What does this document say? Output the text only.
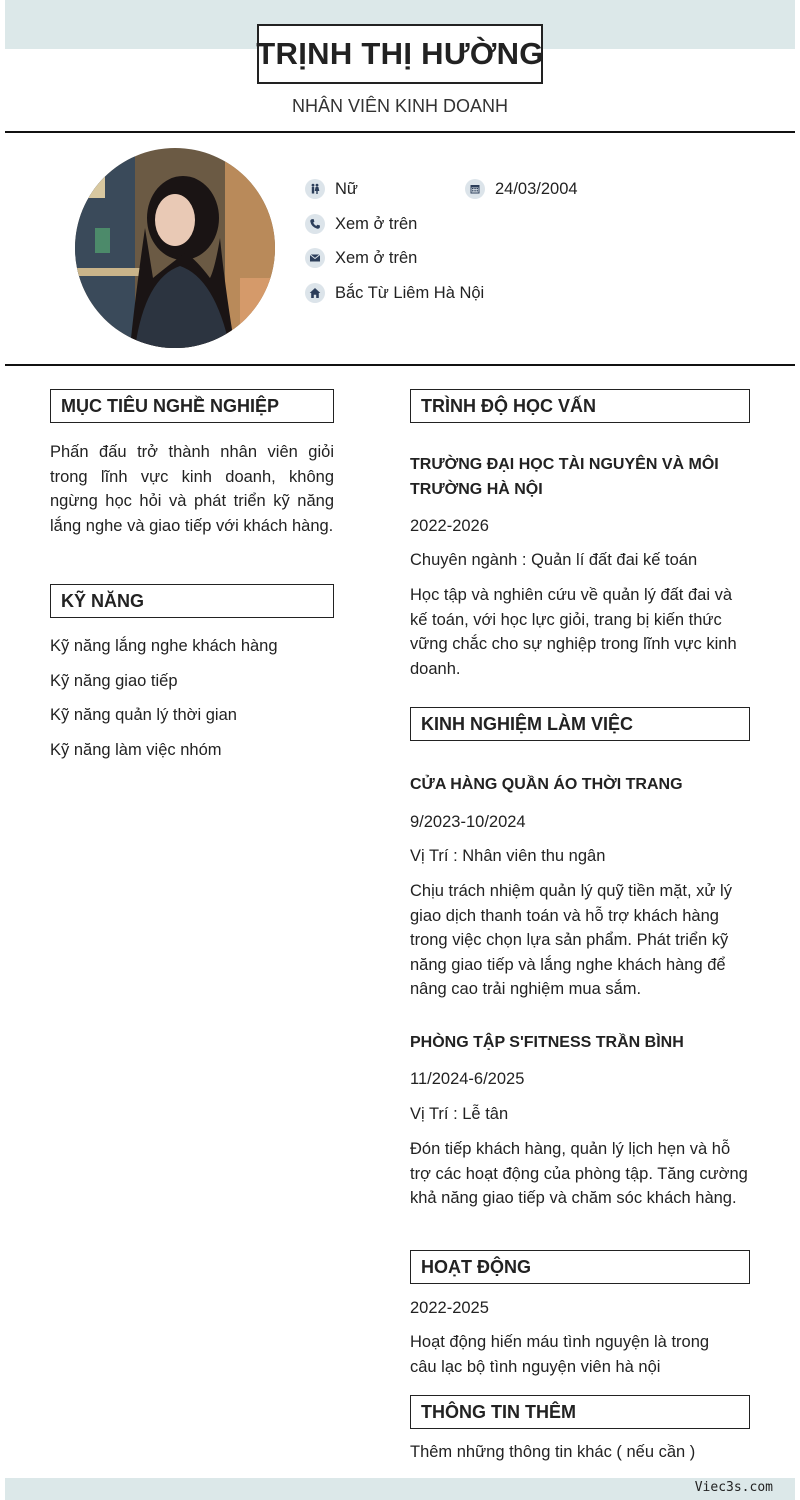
TRỊNH THỊ HƯỜNG
NHÂN VIÊN KINH DOANH
Nữ	24/03/2004
Xem ở trên
Xem ở trên
Bắc Từ Liêm Hà Nội
MỤC TIÊU NGHỀ NGHIỆP
Phấn đấu trở thành nhân viên giỏi trong lĩnh vực kinh doanh, không ngừng học hỏi và phát triển kỹ năng lắng nghe và giao tiếp với khách hàng.
KỸ NĂNG
Kỹ năng lắng nghe khách hàng
Kỹ năng giao tiếp
Kỹ năng quản lý thời gian
Kỹ năng làm việc nhóm
TRÌNH ĐỘ HỌC VẤN
TRƯỜNG ĐẠI HỌC TÀI NGUYÊN VÀ MÔI TRƯỜNG HÀ NỘI
2022-2026
Chuyên ngành : Quản lí đất đai kế toán
Học tập và nghiên cứu về quản lý đất đai và kế toán, với học lực giỏi, trang bị kiến thức vững chắc cho sự nghiệp trong lĩnh vực kinh doanh.
KINH NGHIỆM LÀM VIỆC
CỬA HÀNG QUẦN ÁO THỜI TRANG
9/2023-10/2024
Vị Trí : Nhân viên thu ngân
Chịu trách nhiệm quản lý quỹ tiền mặt, xử lý giao dịch thanh toán và hỗ trợ khách hàng trong việc chọn lựa sản phẩm. Phát triển kỹ năng giao tiếp và lắng nghe khách hàng để nâng cao trải nghiệm mua sắm.
PHÒNG TẬP S'FITNESS TRẦN BÌNH
11/2024-6/2025
Vị Trí : Lễ tân
Đón tiếp khách hàng, quản lý lịch hẹn và hỗ trợ các hoạt động của phòng tập. Tăng cường khả năng giao tiếp và chăm sóc khách hàng.
HOẠT ĐỘNG
2022-2025
Hoạt động hiến máu tình nguyện là trong câu lạc bộ tình nguyện viên hà nội
THÔNG TIN THÊM
Thêm những thông tin khác ( nếu cần )
Viec3s.com
